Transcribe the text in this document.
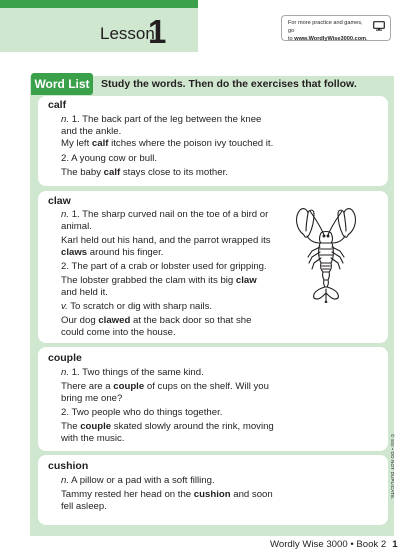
Lesson
1	For more practice and games, go
to www.WordlyWise3000.com.
Word List	Study the words. Then do the exercises that follow.
calf
n. 1. The back part of the leg between the knee
and the ankle.
My left calf itches where the poison ivy touched it.
2. A young cow or bull.
The baby calf stays close to its mother.
claw
n. 1. The sharp curved nail on the toe of a bird or
animal.
Karl held out his hand, and the parrot wrapped its
claws around his finger.
2. The part of a crab or lobster used for gripping.
The lobster grabbed the clam with its big claw
and held it.
v. To scratch or dig with sharp nails.
Our dog clawed at the back door so that she
could come into the house.
couple
n. 1. Two things of the same kind.
There are a couple of cups on the shelf. Will you
bring me one?
2. Two people who do things together.
The couple skated slowly around the rink, moving
with the music.
cushion
n. A pillow or a pad with a soft filling.
Tammy rested her head on the cushion and soon
fell asleep.
© SSI • DO NOT DUPLICATE.
Wordly Wise 3000 • Book 2 1
